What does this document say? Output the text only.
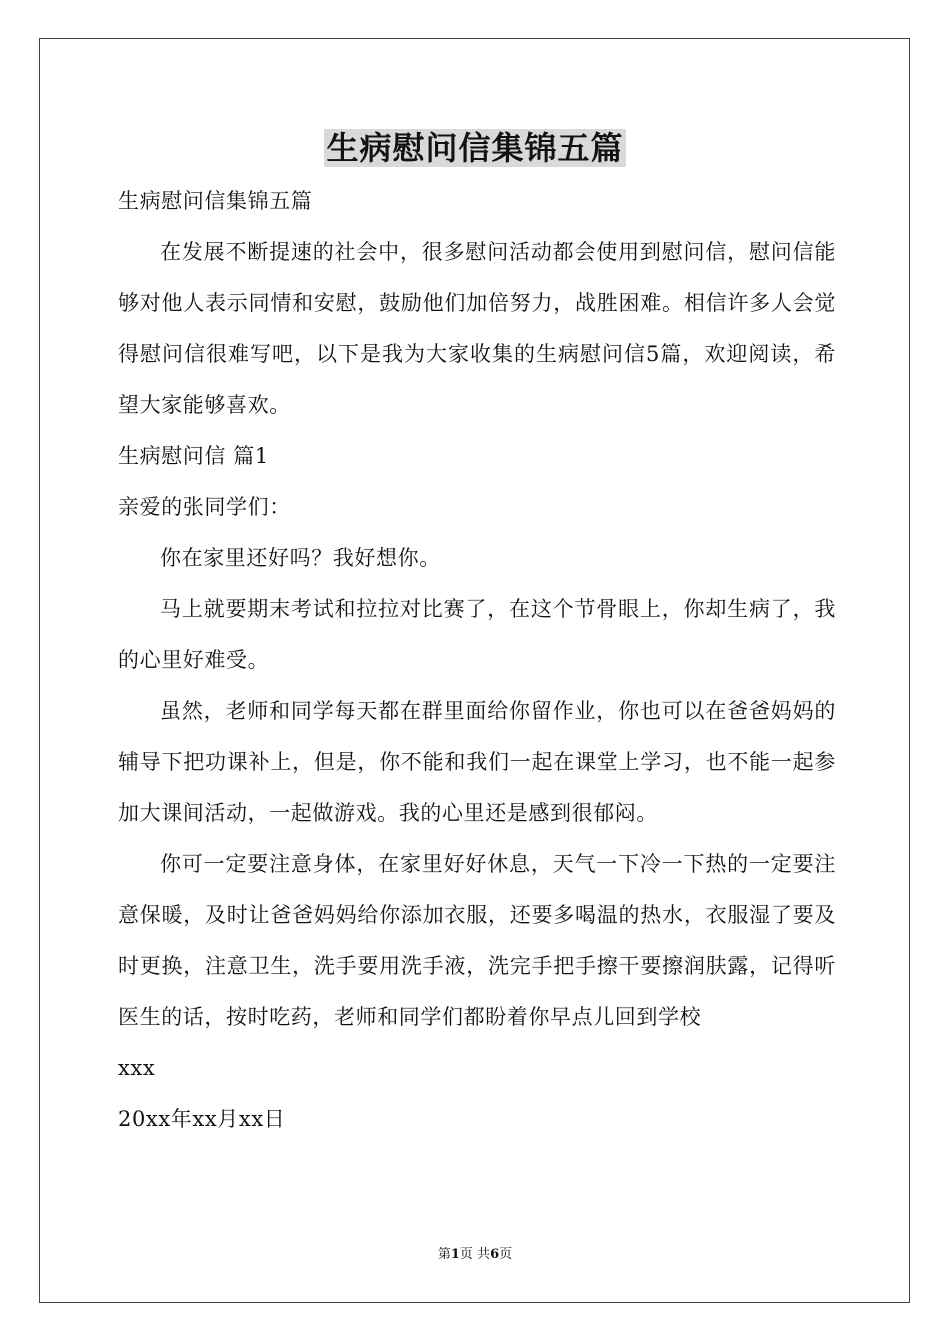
生病慰问信集锦五篇

生病慰问信集锦五篇

在发展不断提速的社会中，很多慰问活动都会使用到慰问信，慰问信能够对他人表示同情和安慰，鼓励他们加倍努力，战胜困难。相信许多人会觉得慰问信很难写吧，以下是我为大家收集的生病慰问信5篇，欢迎阅读，希望大家能够喜欢。

生病慰问信 篇1

亲爱的张同学们：

你在家里还好吗？我好想你。

马上就要期末考试和拉拉对比赛了，在这个节骨眼上，你却生病了，我的心里好难受。

虽然，老师和同学每天都在群里面给你留作业，你也可以在爸爸妈妈的辅导下把功课补上，但是，你不能和我们一起在课堂上学习，也不能一起参加大课间活动，一起做游戏。我的心里还是感到很郁闷。

你可一定要注意身体，在家里好好休息，天气一下冷一下热的一定要注意保暖，及时让爸爸妈妈给你添加衣服，还要多喝温的热水，衣服湿了要及时更换，注意卫生，洗手要用洗手液，洗完手把手擦干要擦润肤露，记得听医生的话，按时吃药，老师和同学们都盼着你早点儿回到学校

xxx

20xx年xx月xx日

第1页 共6页
